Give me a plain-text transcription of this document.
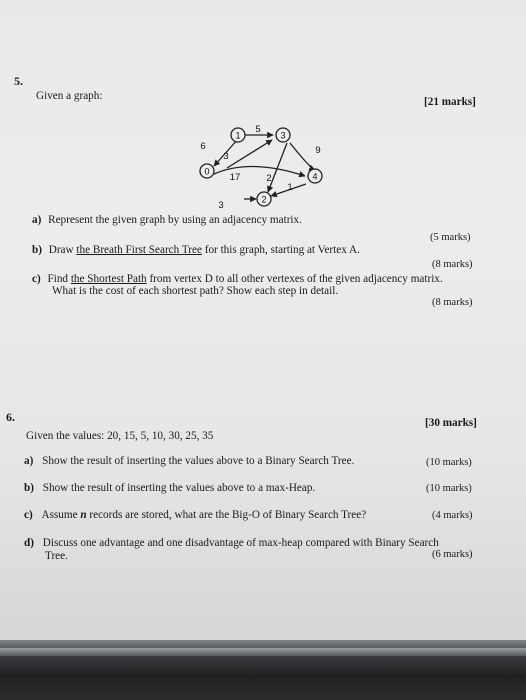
5.
Given a graph:	[21 marks]
1	3
0	4
2
6
5
9
3
17	2
1
3
a) Represent the given graph by using an adjacency matrix.
(5 marks)
b) Draw the Breath First Search Tree for this graph, starting at Vertex A.
(8 marks)
c) Find the Shortest Path from vertex D to all other vertexes of the given adjacency matrix.
What is the cost of each shortest path? Show each step in detail.
(8 marks)
6.	[30 marks]
Given the values: 20, 15, 5, 10, 30, 25, 35
a) Show the result of inserting the values above to a Binary Search Tree.	(10 marks)
b) Show the result of inserting the values above to a max-Heap.	(10 marks)
c) Assume n records are stored, what are the Big-O of Binary Search Tree?	(4 marks)
d) Discuss one advantage and one disadvantage of max-heap compared with Binary Search
Tree.	(6 marks)
